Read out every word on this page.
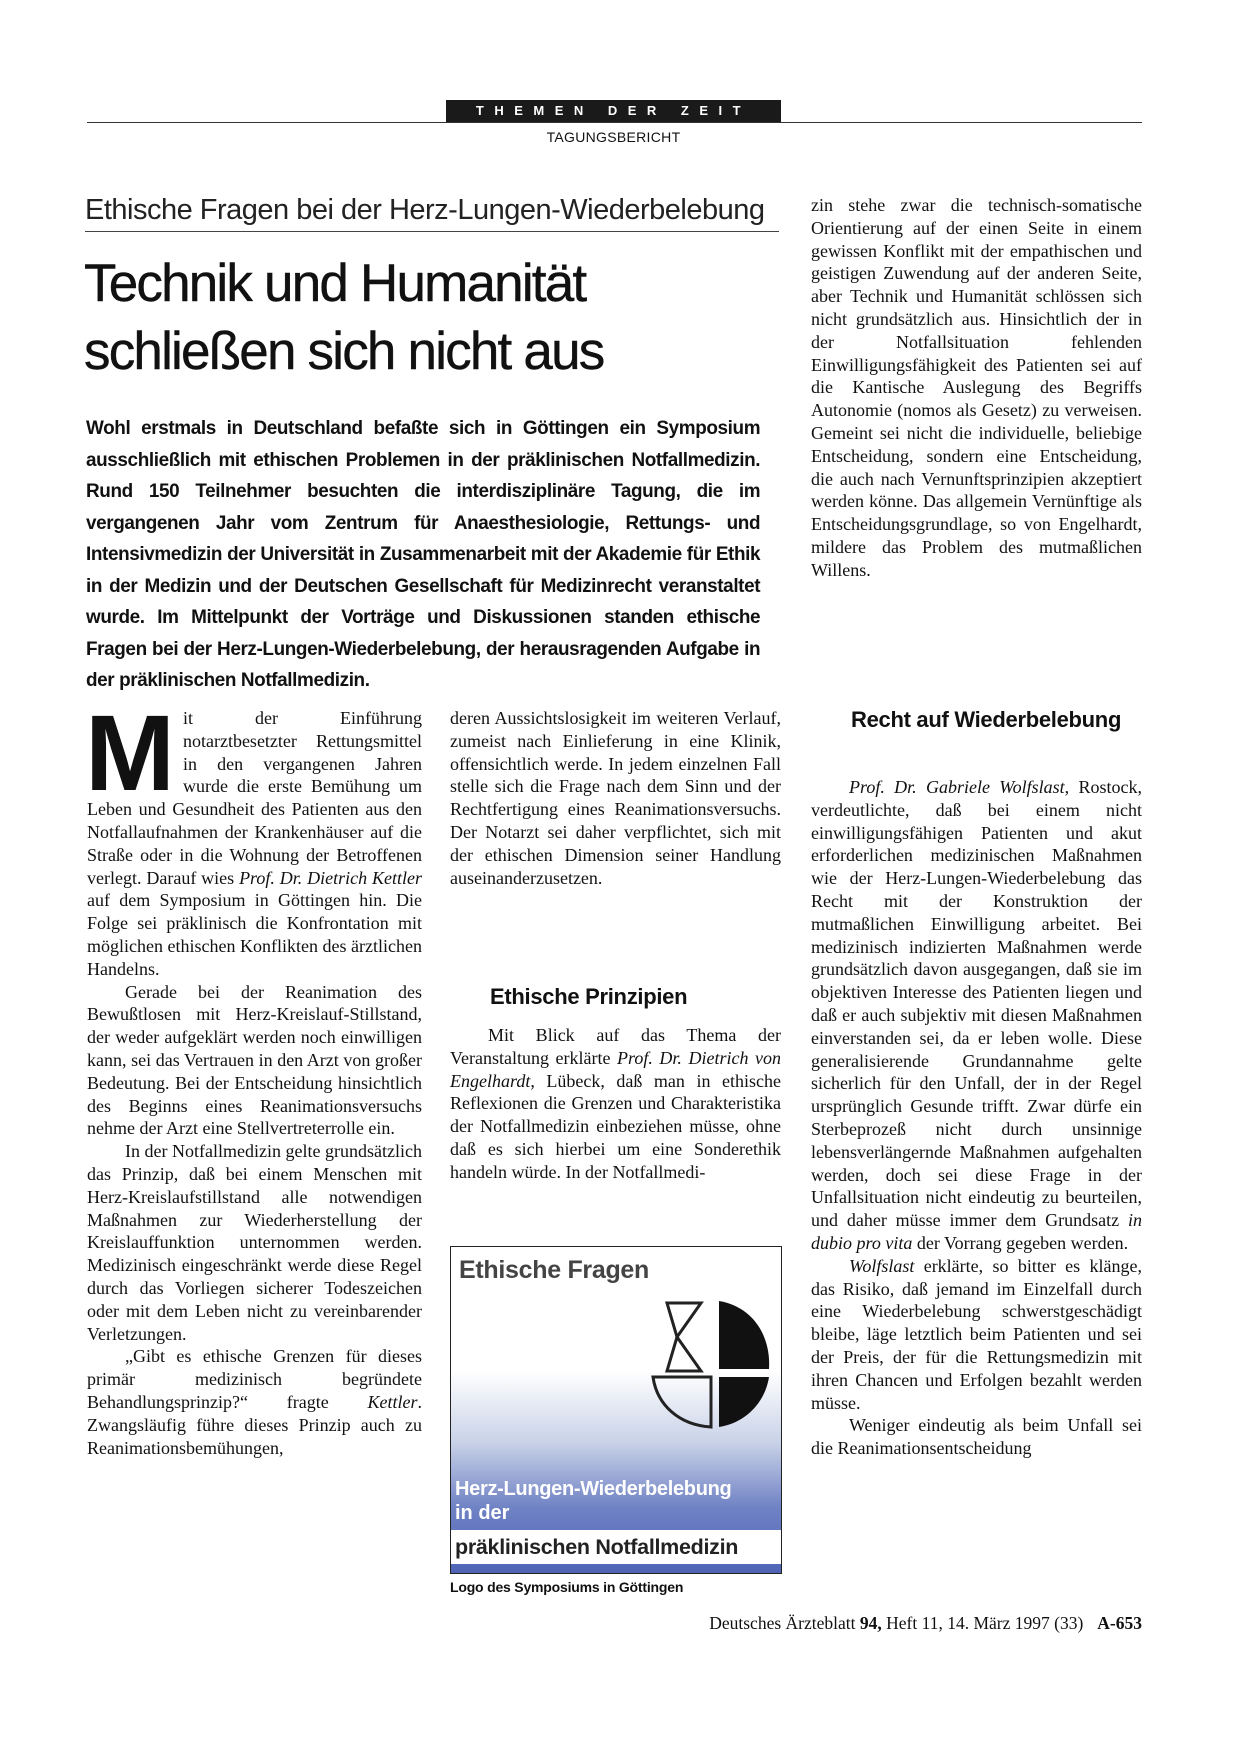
THEMEN DER ZEIT
TAGUNGSBERICHT
Ethische Fragen bei der Herz-Lungen-Wiederbelebung
Technik und Humanität schließen sich nicht aus

Wohl erstmals in Deutschland befaßte sich in Göttingen ein Symposium ausschließlich mit ethischen Problemen in der präklinischen Notfallmedizin. Rund 150 Teilnehmer besuchten die interdisziplinäre Tagung, die im vergangenen Jahr vom Zentrum für Anaesthesiologie, Rettungs- und Intensivmedizin der Universität in Zusammenarbeit mit der Akademie für Ethik in der Medizin und der Deutschen Gesellschaft für Medizinrecht veranstaltet wurde. Im Mittelpunkt der Vorträge und Diskussionen standen ethische Fragen bei der Herz-Lungen-Wiederbelebung, der herausragenden Aufgabe in der präklinischen Notfallmedizin.

Mit der Einführung notarztbesetzter Rettungsmittel in den vergangenen Jahren wurde die erste Bemühung um Leben und Gesundheit des Patienten aus den Notfallaufnahmen der Krankenhäuser auf die Straße oder in die Wohnung der Betroffenen verlegt. Darauf wies Prof. Dr. Dietrich Kettler auf dem Symposium in Göttingen hin. Die Folge sei präklinisch die Konfrontation mit möglichen ethischen Konflikten des ärztlichen Handelns.

Gerade bei der Reanimation des Bewußtlosen mit Herz-Kreislauf-Stillstand, der weder aufgeklärt werden noch einwilligen kann, sei das Vertrauen in den Arzt von großer Bedeutung. Bei der Entscheidung hinsichtlich des Beginns eines Reanimationsversuchs nehme der Arzt eine Stellvertreterrolle ein.

In der Notfallmedizin gelte grundsätzlich das Prinzip, daß bei einem Menschen mit Herz-Kreislaufstillstand alle notwendigen Maßnahmen zur Wiederherstellung der Kreislauffunktion unternommen werden. Medizinisch eingeschränkt werde diese Regel durch das Vorliegen sicherer Todeszeichen oder mit dem Leben nicht zu vereinbarender Verletzungen.

„Gibt es ethische Grenzen für dieses primär medizinisch begründete Behandlungsprinzip?“ fragte Kettler. Zwangsläufig führe dieses Prinzip auch zu Reanimationsbemühungen,

deren Aussichtslosigkeit im weiteren Verlauf, zumeist nach Einlieferung in eine Klinik, offensichtlich werde. In jedem einzelnen Fall stelle sich die Frage nach dem Sinn und der Rechtfertigung eines Reanimationsversuchs. Der Notarzt sei daher verpflichtet, sich mit der ethischen Dimension seiner Handlung auseinanderzusetzen.

Ethische Prinzipien

Mit Blick auf das Thema der Veranstaltung erklärte Prof. Dr. Dietrich von Engelhardt, Lübeck, daß man in ethische Reflexionen die Grenzen und Charakteristika der Notfallmedizin einbeziehen müsse, ohne daß es sich hierbei um eine Sonderethik handeln würde. In der Notfallmedi-

Ethische Fragen
Herz-Lungen-Wiederbelebung
in der
präklinischen Notfallmedizin
Logo des Symposiums in Göttingen

zin stehe zwar die technisch-somatische Orientierung auf der einen Seite in einem gewissen Konflikt mit der empathischen und geistigen Zuwendung auf der anderen Seite, aber Technik und Humanität schlössen sich nicht grundsätzlich aus. Hinsichtlich der in der Notfallsituation fehlenden Einwilligungsfähigkeit des Patienten sei auf die Kantische Auslegung des Begriffs Autonomie (nomos als Gesetz) zu verweisen. Gemeint sei nicht die individuelle, beliebige Entscheidung, sondern eine Entscheidung, die auch nach Vernunftsprinzipien akzeptiert werden könne. Das allgemein Vernünftige als Entscheidungsgrundlage, so von Engelhardt, mildere das Problem des mutmaßlichen Willens.

Recht auf Wiederbelebung

Prof. Dr. Gabriele Wolfslast, Rostock, verdeutlichte, daß bei einem nicht einwilligungsfähigen Patienten und akut erforderlichen medizinischen Maßnahmen wie der Herz-Lungen-Wiederbelebung das Recht mit der Konstruktion der mutmaßlichen Einwilligung arbeitet. Bei medizinisch indizierten Maßnahmen werde grundsätzlich davon ausgegangen, daß sie im objektiven Interesse des Patienten liegen und daß er auch subjektiv mit diesen Maßnahmen einverstanden sei, da er leben wolle. Diese generalisierende Grundannahme gelte sicherlich für den Unfall, der in der Regel ursprünglich Gesunde trifft. Zwar dürfe ein Sterbeprozeß nicht durch unsinnige lebensverlängernde Maßnahmen aufgehalten werden, doch sei diese Frage in der Unfallsituation nicht eindeutig zu beurteilen, und daher müsse immer dem Grundsatz in dubio pro vita der Vorrang gegeben werden.

Wolfslast erklärte, so bitter es klänge, das Risiko, daß jemand im Einzelfall durch eine Wiederbelebung schwerstgeschädigt bleibe, läge letztlich beim Patienten und sei der Preis, der für die Rettungsmedizin mit ihren Chancen und Erfolgen bezahlt werden müsse.

Weniger eindeutig als beim Unfall sei die Reanimationsentscheidung

Deutsches Ärzteblatt 94, Heft 11, 14. März 1997 (33) A-653
